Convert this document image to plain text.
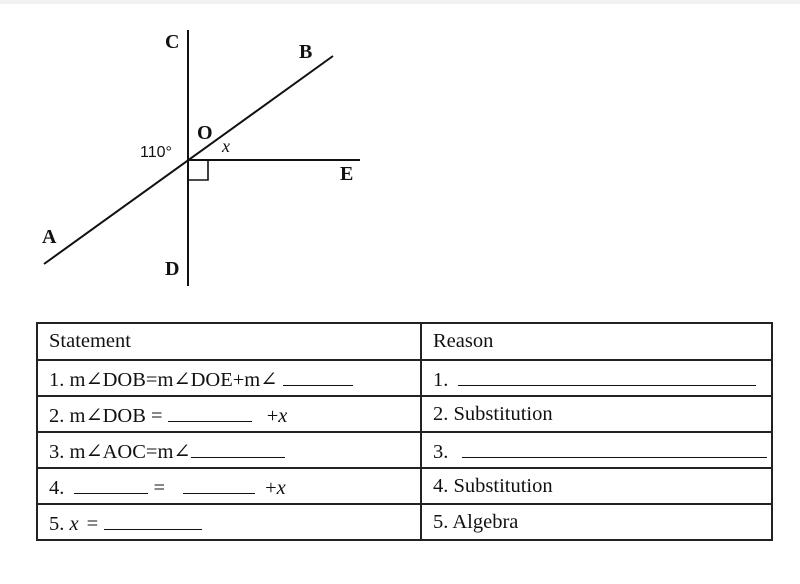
C	B
O
E
A
D
110°	x
Statement	Reason
1. m∠DOB=m∠DOE+m∠	1.
2. m∠DOB = +x	2. Substitution
3. m∠AOC=m∠	3.
4. = +x	4. Substitution
5. x =	5. Algebra
